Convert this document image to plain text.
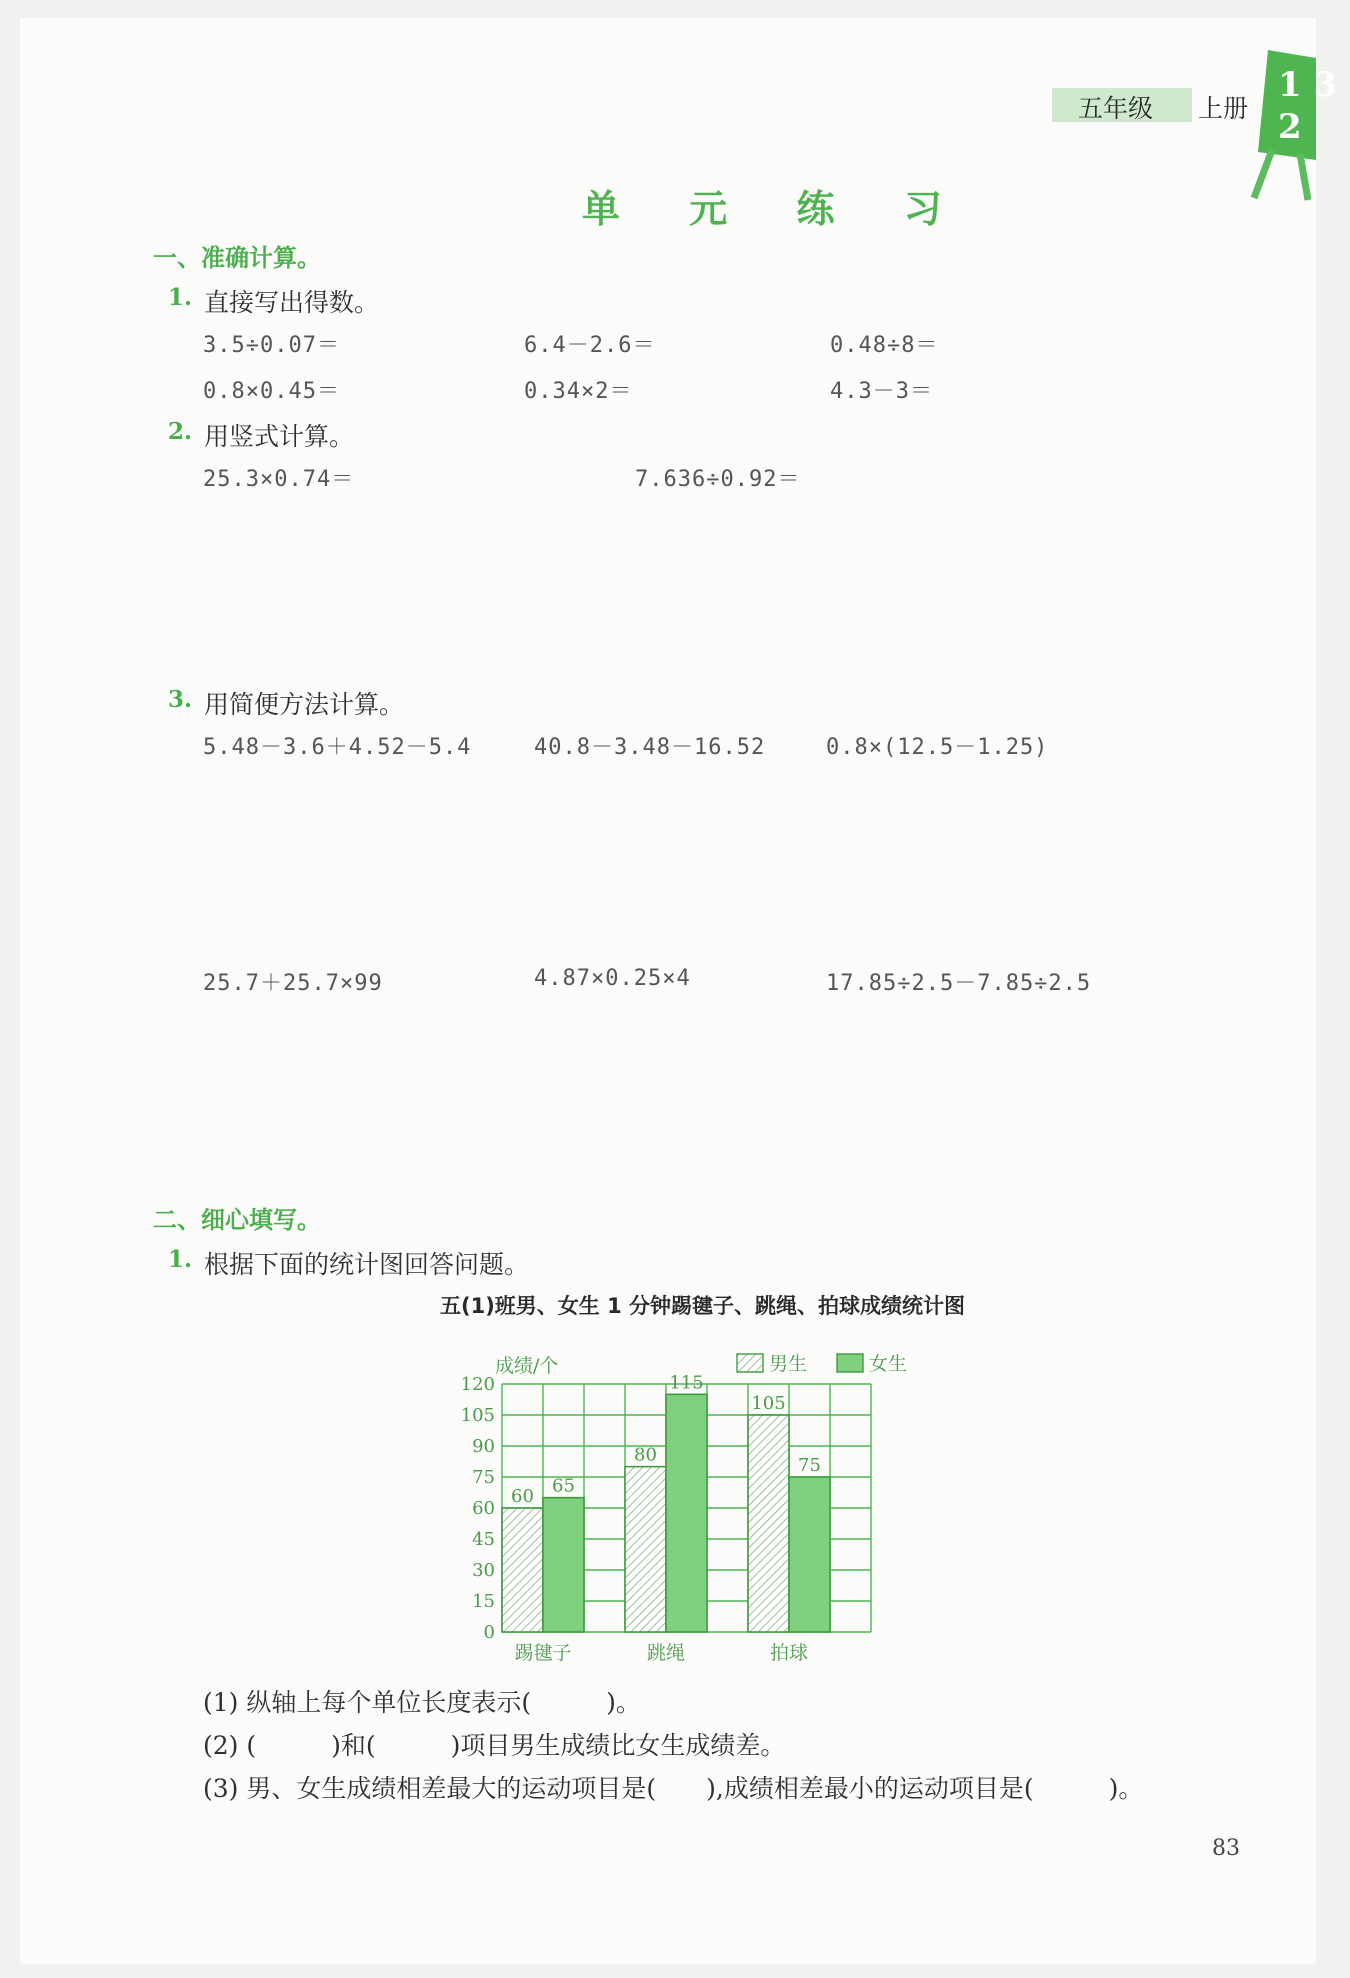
五年级 上册
1 3
2
单 元 练 习
一、准确计算。
1. 直接写出得数。
3.5÷0.07＝	6.4－2.6＝	0.48÷8＝
0.8×0.45＝	0.34×2＝	4.3－3＝
2. 用竖式计算。
25.3×0.74＝	7.636÷0.92＝
3. 用简便方法计算。
5.48－3.6＋4.52－5.4	40.8－3.48－16.52	0.8×(12.5－1.25)
25.7＋25.7×99	4.87×0.25×4	17.85÷2.5－7.85÷2.5
二、细心填写。
1. 根据下面的统计图回答问题。
五(1)班男、女生 1 分钟踢毽子、跳绳、拍球成绩统计图
成绩/个
0
15
30
45
60
75
90
105
120
60 65
踢毽子
80
115
跳绳
105
75
拍球
男生	女生
(1) 纵轴上每个单位长度表示(　　　)。
(2) (　　　)和(　　　)项目男生成绩比女生成绩差。
(3) 男、女生成绩相差最大的运动项目是(　　),成绩相差最小的运动项目是(　　　)。
83
